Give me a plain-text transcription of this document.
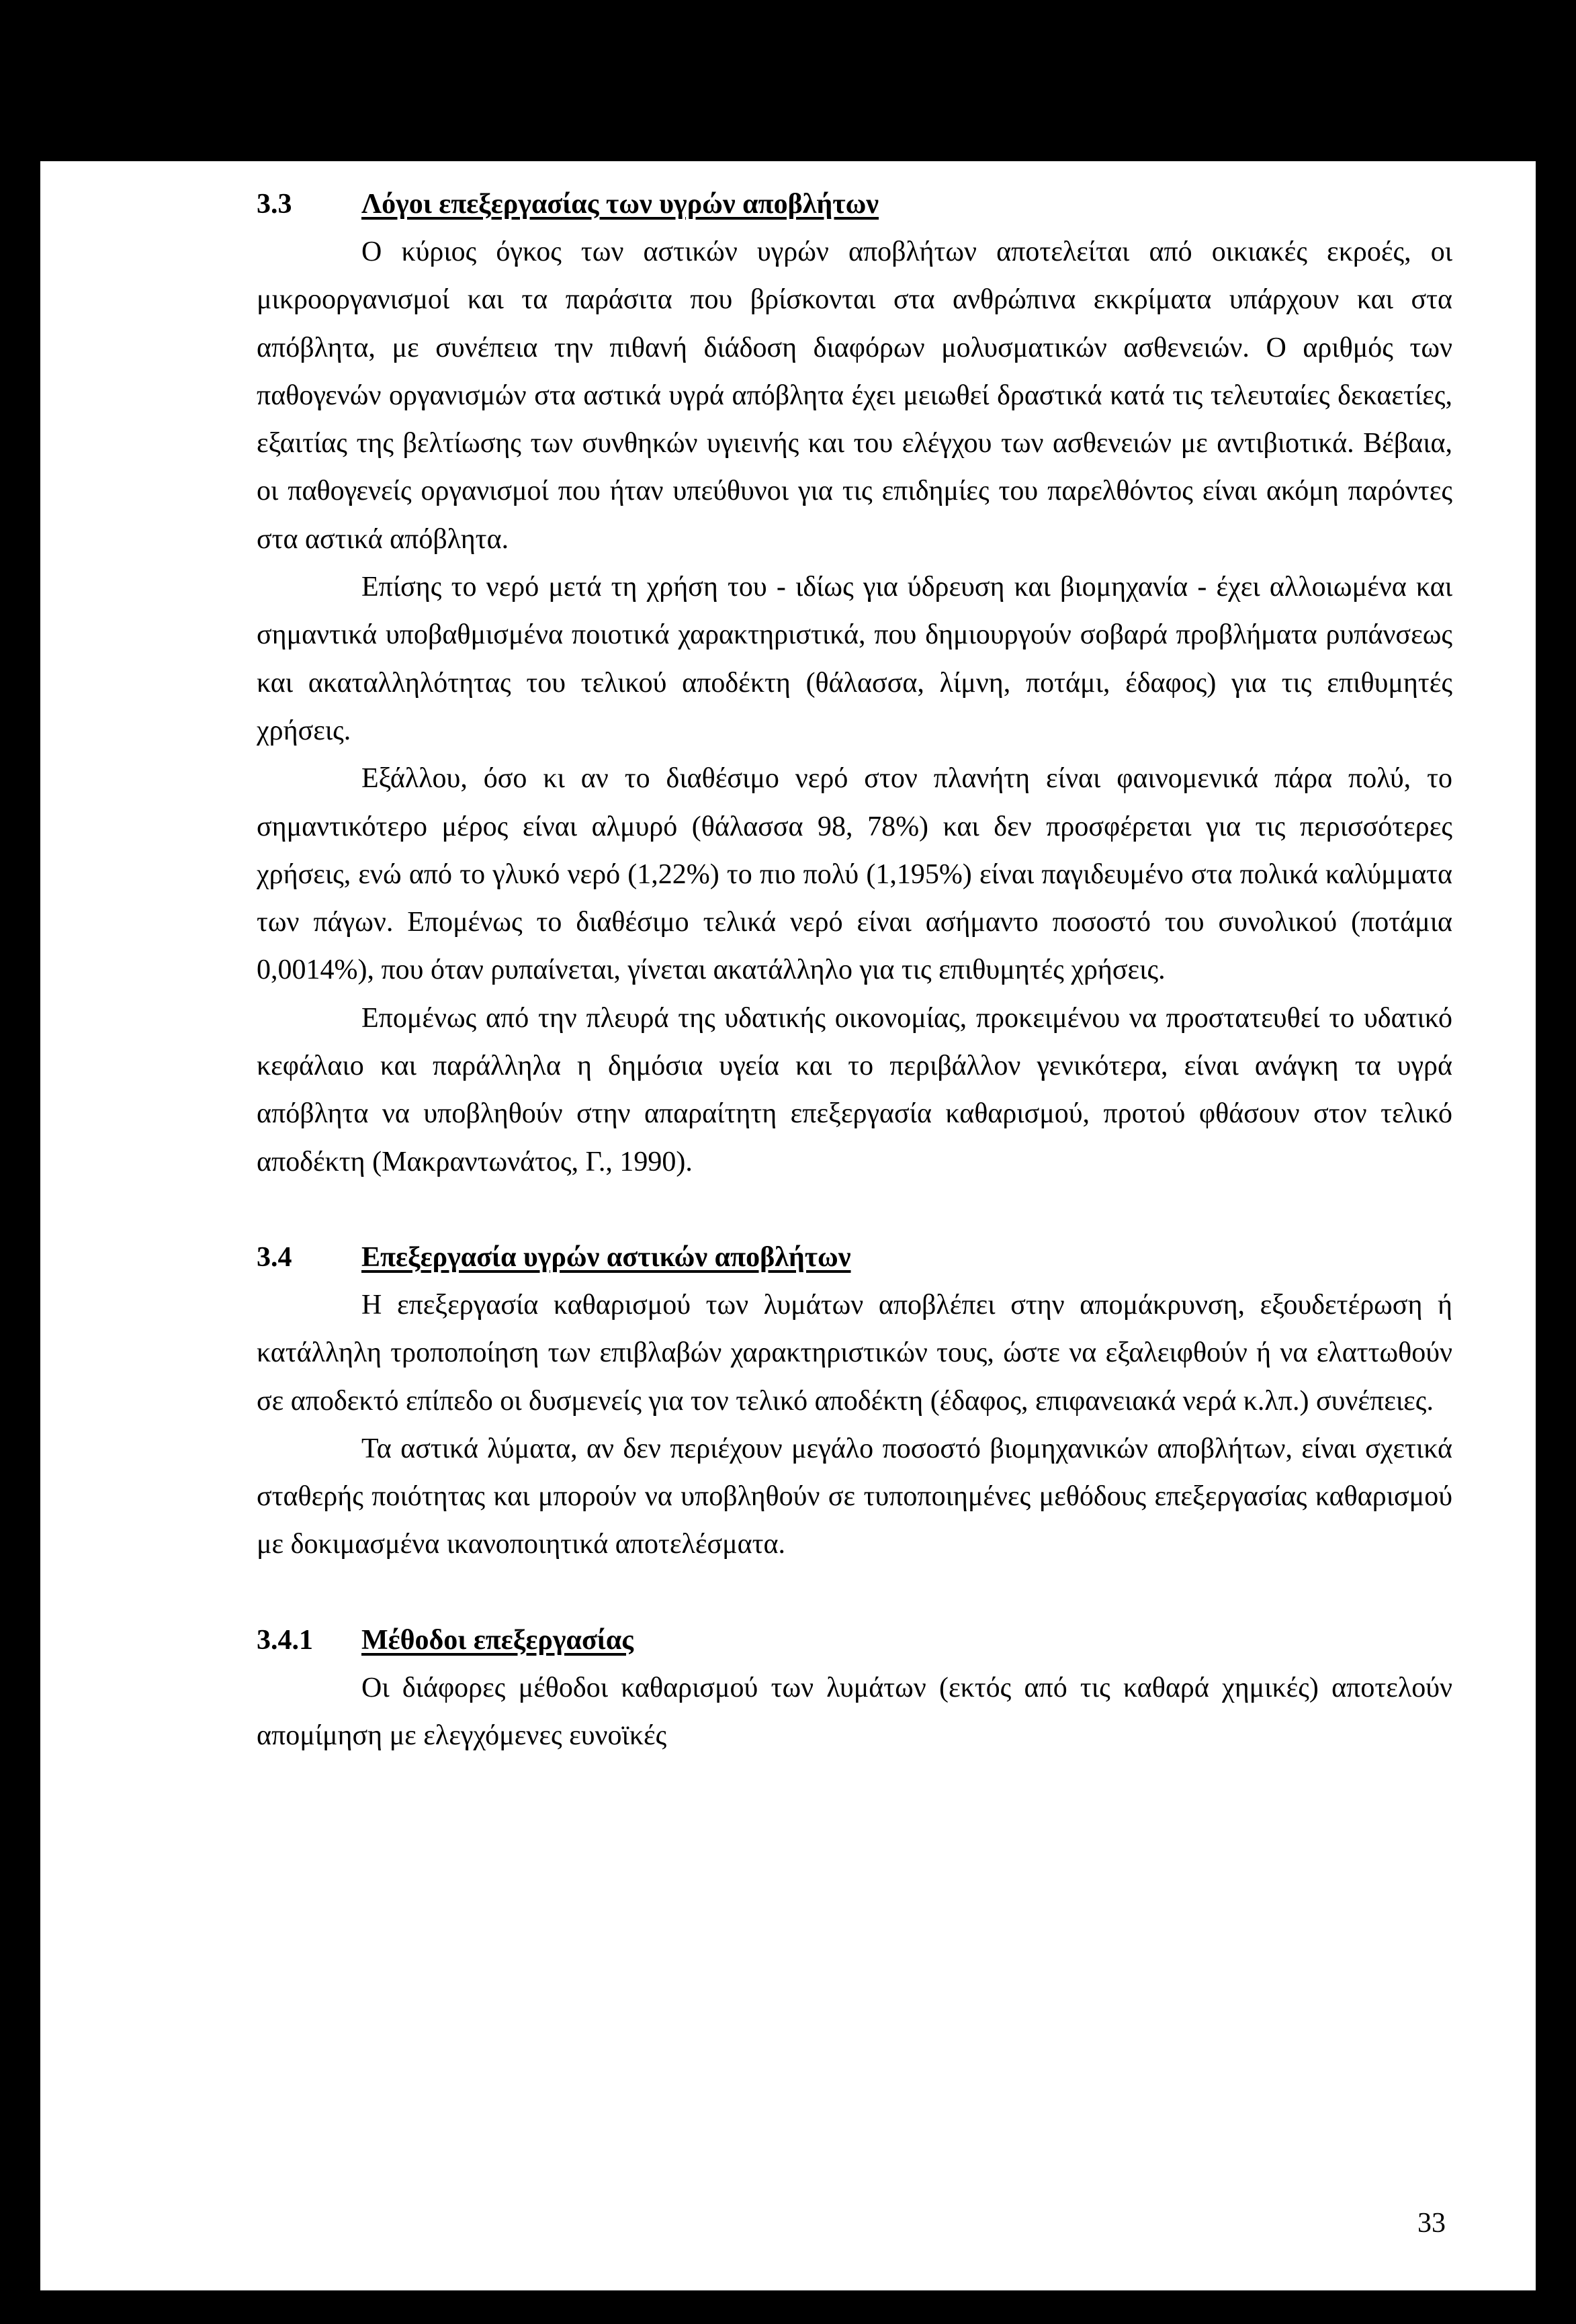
3.3	Λόγοι επεξεργασίας των υγρών αποβλήτων

Ο κύριος όγκος των αστικών υγρών αποβλήτων αποτελείται από οικιακές εκροές, οι μικροοργανισμοί και τα παράσιτα που βρίσκονται στα ανθρώπινα εκκρίματα υπάρχουν και στα απόβλητα, με συνέπεια την πιθανή διάδοση διαφόρων μολυσματικών ασθενειών. Ο αριθμός των παθογενών οργανισμών στα αστικά υγρά απόβλητα έχει μειωθεί δραστικά κατά τις τελευταίες δεκαετίες, εξαιτίας της βελτίωσης των συνθηκών υγιεινής και του ελέγχου των ασθενειών με αντιβιοτικά. Βέβαια, οι παθογενείς οργανισμοί που ήταν υπεύθυνοι για τις επιδημίες του παρελθόντος είναι ακόμη παρόντες στα αστικά απόβλητα.

Επίσης το νερό μετά τη χρήση του - ιδίως για ύδρευση και βιομηχανία - έχει αλλοιωμένα και σημαντικά υποβαθμισμένα ποιοτικά χαρακτηριστικά, που δημιουργούν σοβαρά προβλήματα ρυπάνσεως και ακαταλληλότητας του τελικού αποδέκτη (θάλασσα, λίμνη, ποτάμι, έδαφος) για τις επιθυμητές χρήσεις.

Εξάλλου, όσο κι αν το διαθέσιμο νερό στον πλανήτη είναι φαινομενικά πάρα πολύ, το σημαντικότερο μέρος είναι αλμυρό (θάλασσα 98, 78%) και δεν προσφέρεται για τις περισσότερες χρήσεις, ενώ από το γλυκό νερό (1,22%) το πιο πολύ (1,195%) είναι παγιδευμένο στα πολικά καλύμματα των πάγων. Επομένως το διαθέσιμο τελικά νερό είναι ασήμαντο ποσοστό του συνολικού (ποτάμια 0,0014%), που όταν ρυπαίνεται, γίνεται ακατάλληλο για τις επιθυμητές χρήσεις.

Επομένως από την πλευρά της υδατικής οικονομίας, προκειμένου να προστατευθεί το υδατικό κεφάλαιο και παράλληλα η δημόσια υγεία και το περιβάλλον γενικότερα, είναι ανάγκη τα υγρά απόβλητα να υποβληθούν στην απαραίτητη επεξεργασία καθαρισμού, προτού φθάσουν στον τελικό αποδέκτη (Μακραντωνάτος, Γ., 1990).

3.4	Επεξεργασία υγρών αστικών αποβλήτων

Η επεξεργασία καθαρισμού των λυμάτων αποβλέπει στην απομάκρυνση, εξουδετέρωση ή κατάλληλη τροποποίηση των επιβλαβών χαρακτηριστικών τους, ώστε να εξαλειφθούν ή να ελαττωθούν σε αποδεκτό επίπεδο οι δυσμενείς για τον τελικό αποδέκτη (έδαφος, επιφανειακά νερά κ.λπ.) συνέπειες.

Τα αστικά λύματα, αν δεν περιέχουν μεγάλο ποσοστό βιομηχανικών αποβλήτων, είναι σχετικά σταθερής ποιότητας και μπορούν να υποβληθούν σε τυποποιημένες μεθόδους επεξεργασίας καθαρισμού με δοκιμασμένα ικανοποιητικά αποτελέσματα.

3.4.1	Μέθοδοι επεξεργασίας

Οι διάφορες μέθοδοι καθαρισμού των λυμάτων (εκτός από τις καθαρά χημικές) αποτελούν απομίμηση με ελεγχόμενες ευνοϊκές

33
